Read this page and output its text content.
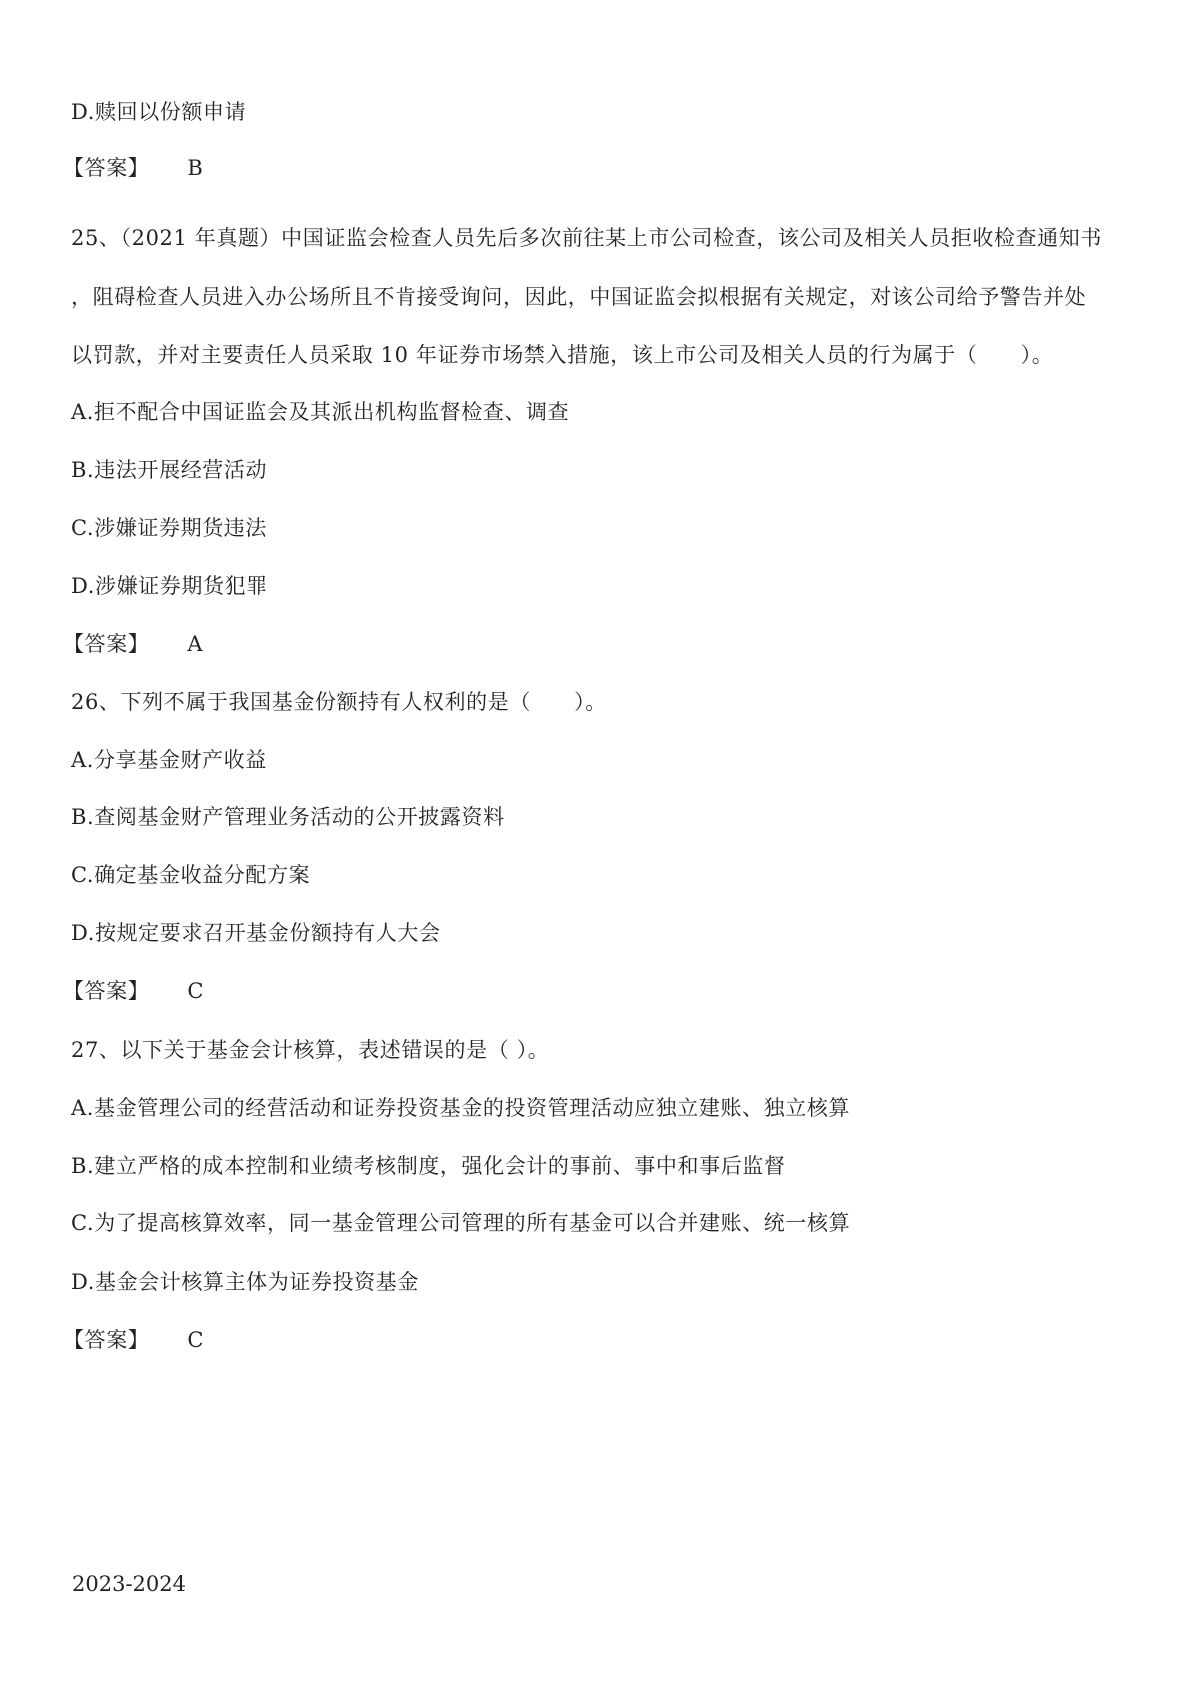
D.赎回以份额申请
【答案】 B
25、（2021 年真题）中国证监会检查人员先后多次前往某上市公司检查，该公司及相关人员拒收检查通知书
，阻碍检查人员进入办公场所且不肯接受询问，因此，中国证监会拟根据有关规定，对该公司给予警告并处
以罚款，并对主要责任人员采取 10 年证券市场禁入措施，该上市公司及相关人员的行为属于（　　）。
A.拒不配合中国证监会及其派出机构监督检查、调查
B.违法开展经营活动
C.涉嫌证券期货违法
D.涉嫌证券期货犯罪
【答案】 A
26、下列不属于我国基金份额持有人权利的是（　　）。
A.分享基金财产收益
B.查阅基金财产管理业务活动的公开披露资料
C.确定基金收益分配方案
D.按规定要求召开基金份额持有人大会
【答案】 C
27、以下关于基金会计核算，表述错误的是（ ）。
A.基金管理公司的经营活动和证券投资基金的投资管理活动应独立建账、独立核算
B.建立严格的成本控制和业绩考核制度，强化会计的事前、事中和事后监督
C.为了提高核算效率，同一基金管理公司管理的所有基金可以合并建账、统一核算
D.基金会计核算主体为证券投资基金
【答案】 C
2023-2024
